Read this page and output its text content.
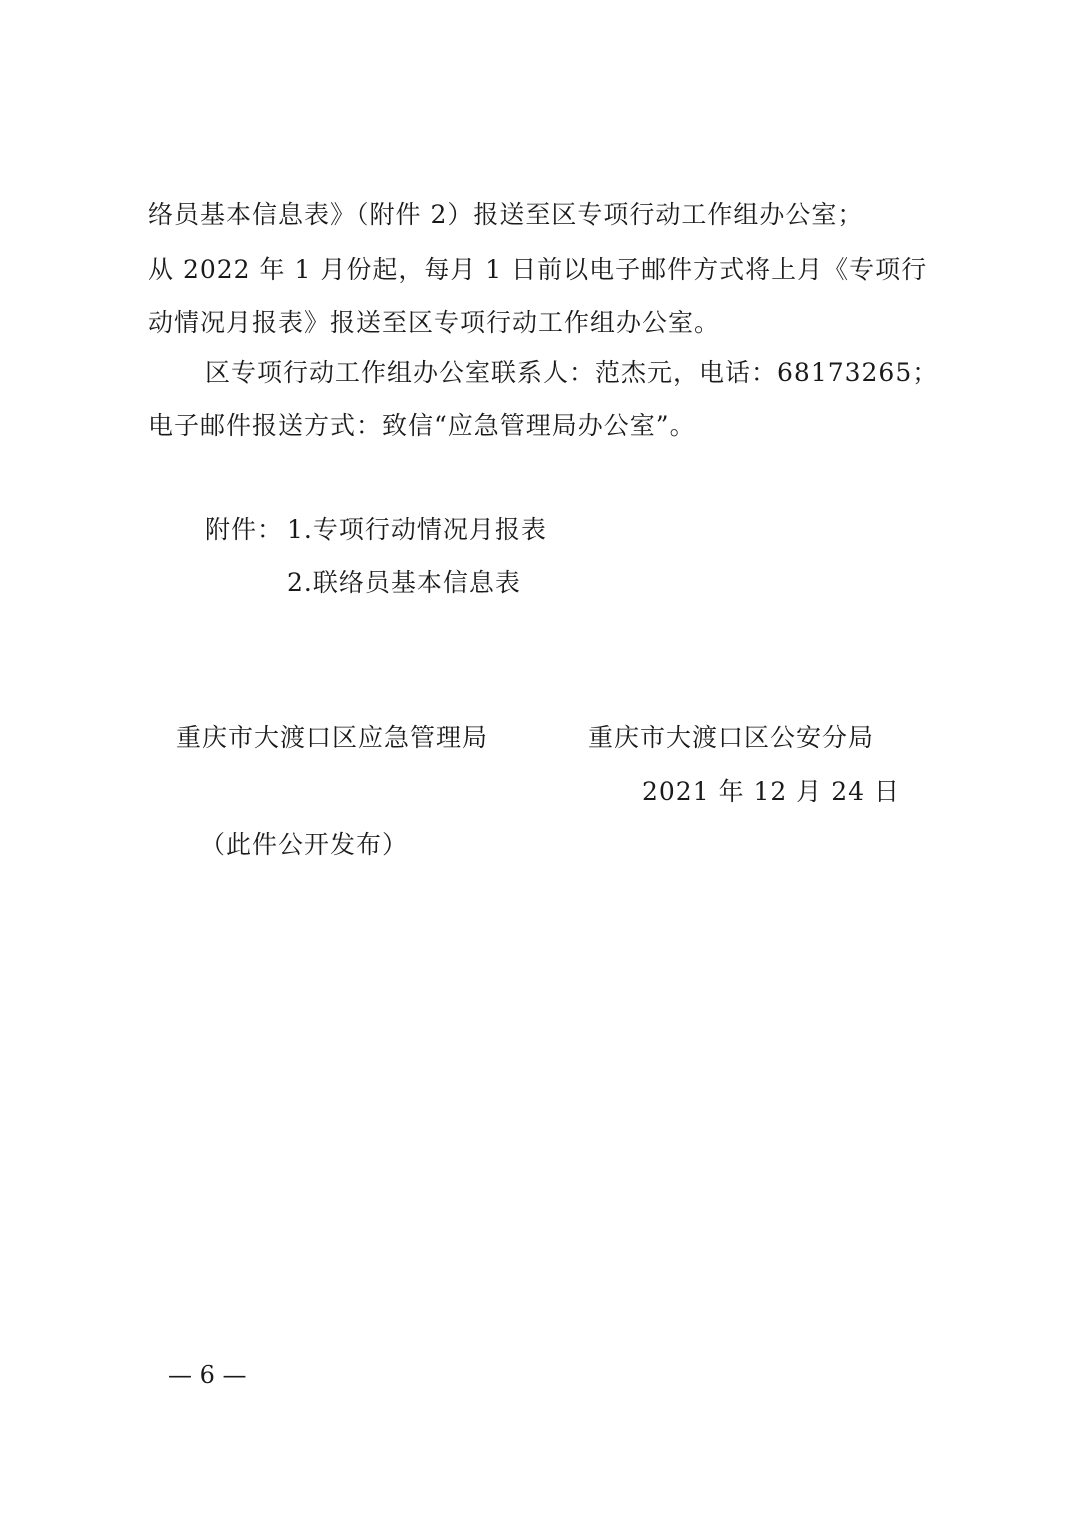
络员基本信息表》（附件 2）报送至区专项行动工作组办公室；
从 2022 年 1 月份起，每月 1 日前以电子邮件方式将上月《专项行
动情况月报表》报送至区专项行动工作组办公室。
区专项行动工作组办公室联系人：范杰元，电话：68173265；
电子邮件报送方式：致信“应急管理局办公室”。
附件： 1.专项行动情况月报表
2.联络员基本信息表
重庆市大渡口区应急管理局	重庆市大渡口区公安分局
2021 年 12 月 24 日
（此件公开发布）
— 6 —
